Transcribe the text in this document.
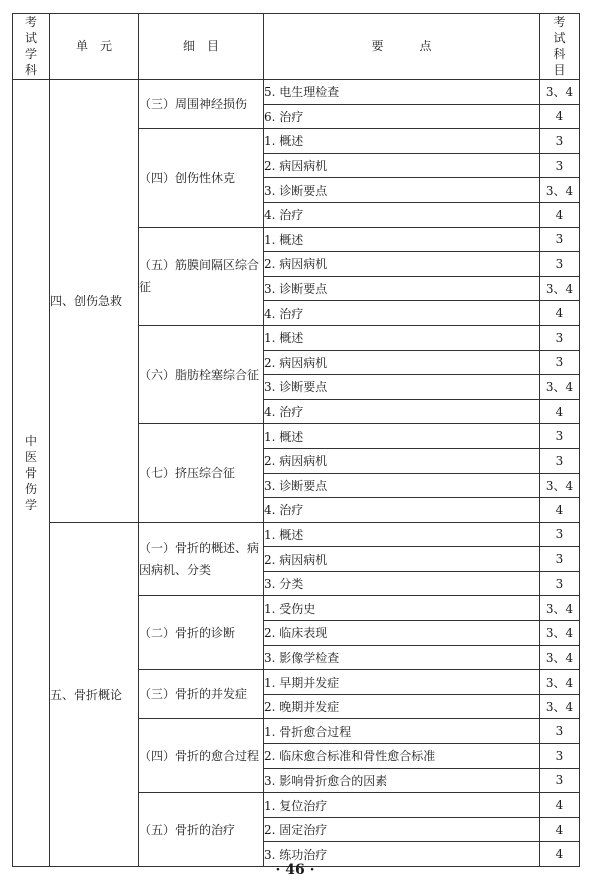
考试学科	单　元	细　目	要　　　点	考试科目
中医骨伤学	四、创伤急救	（三）周围神经损伤	5. 电生理检查	3、4
			6. 治疗	4
		（四）创伤性休克	1. 概述	3
			2. 病因病机	3
			3. 诊断要点	3、4
			4. 治疗	4
		（五）筋膜间隔区综合征	1. 概述	3
			2. 病因病机	3
			3. 诊断要点	3、4
			4. 治疗	4
		（六）脂肪栓塞综合征	1. 概述	3
			2. 病因病机	3
			3. 诊断要点	3、4
			4. 治疗	4
		（七）挤压综合征	1. 概述	3
			2. 病因病机	3
			3. 诊断要点	3、4
			4. 治疗	4
	五、骨折概论	（一）骨折的概述、病因病机、分类	1. 概述	3
			2. 病因病机	3
			3. 分类	3
		（二）骨折的诊断	1. 受伤史	3、4
			2. 临床表现	3、4
			3. 影像学检查	3、4
		（三）骨折的并发症	1. 早期并发症	3、4
			2. 晚期并发症	3、4
		（四）骨折的愈合过程	1. 骨折愈合过程	3
			2. 临床愈合标准和骨性愈合标准	3
			3. 影响骨折愈合的因素	3
		（五）骨折的治疗	1. 复位治疗	4
			2. 固定治疗	4
			3. 练功治疗	4
· 46 ·
